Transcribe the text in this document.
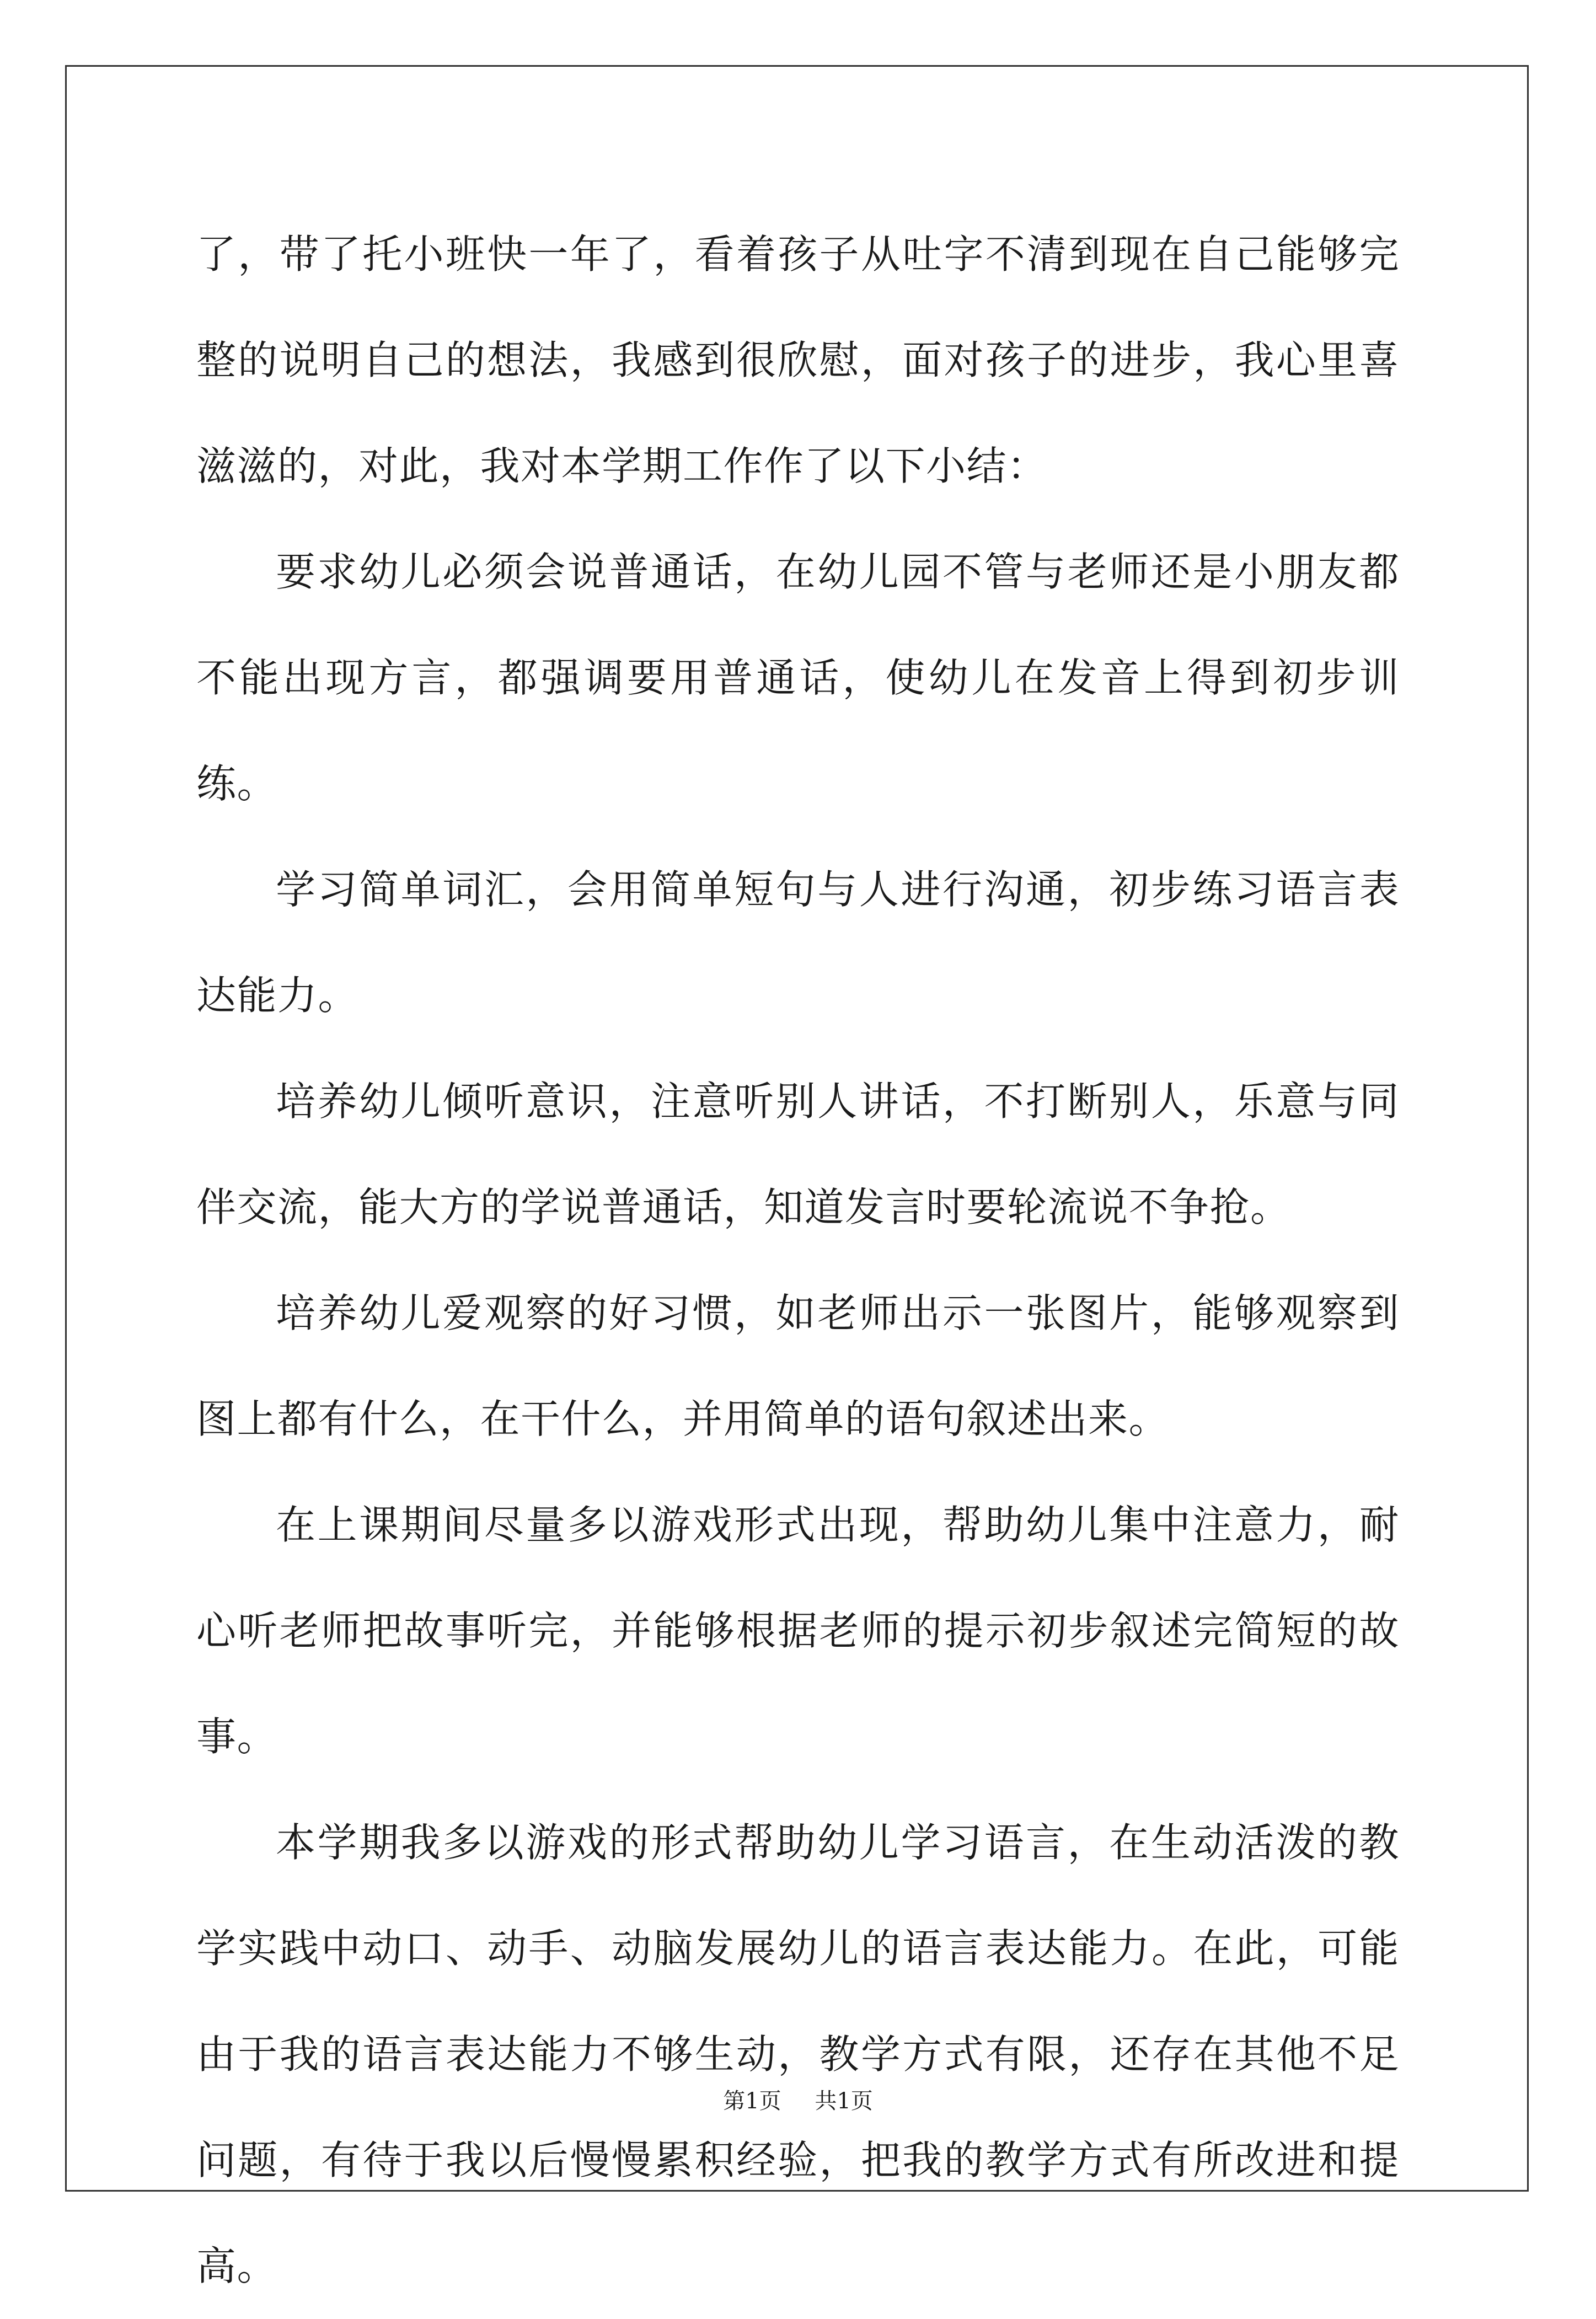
了，带了托小班快一年了，看着孩子从吐字不清到现在自己能够完整的说明自己的想法，我感到很欣慰，面对孩子的进步，我心里喜滋滋的，对此，我对本学期工作作了以下小结：

要求幼儿必须会说普通话，在幼儿园不管与老师还是小朋友都不能出现方言，都强调要用普通话，使幼儿在发音上得到初步训练。

学习简单词汇，会用简单短句与人进行沟通，初步练习语言表达能力。

培养幼儿倾听意识，注意听别人讲话，不打断别人，乐意与同伴交流，能大方的学说普通话，知道发言时要轮流说不争抢。

培养幼儿爱观察的好习惯，如老师出示一张图片，能够观察到图上都有什么，在干什么，并用简单的语句叙述出来。

在上课期间尽量多以游戏形式出现，帮助幼儿集中注意力，耐心听老师把故事听完，并能够根据老师的提示初步叙述完简短的故事。

本学期我多以游戏的形式帮助幼儿学习语言，在生动活泼的教学实践中动口、动手、动脑发展幼儿的语言表达能力。在此，可能由于我的语言表达能力不够生动，教学方式有限，还存在其他不足问题，有待于我以后慢慢累积经验，把我的教学方式有所改进和提高。

第1页 共1页
